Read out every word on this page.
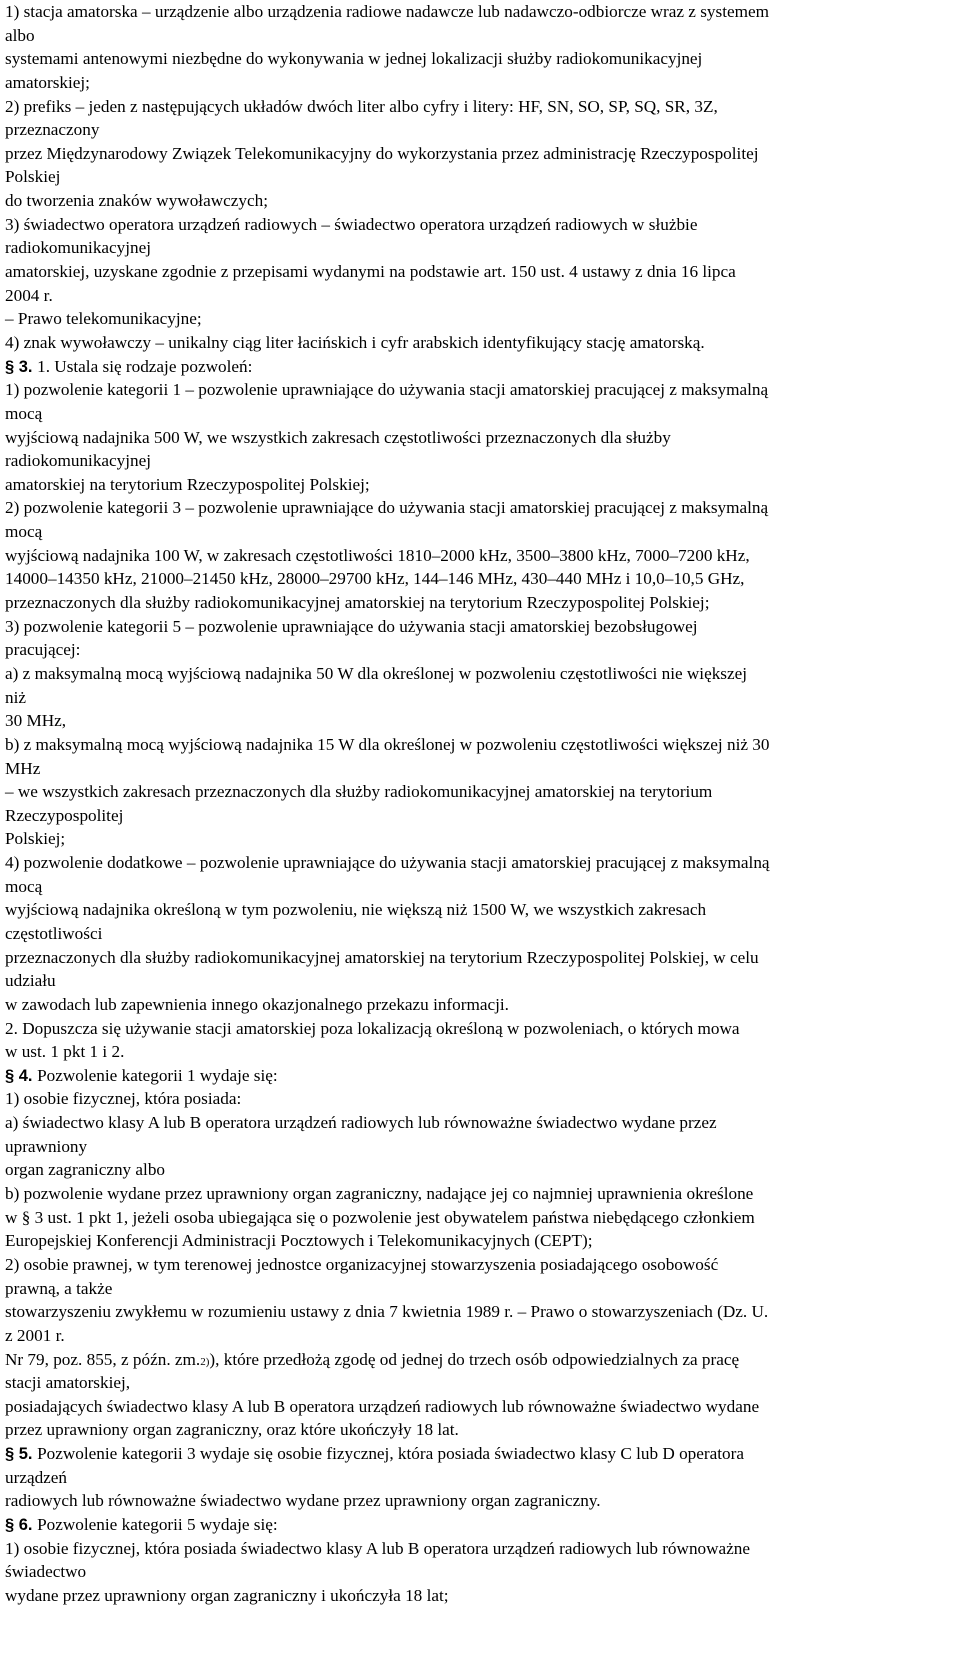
1) stacja amatorska – urządzenie albo urządzenia radiowe nadawcze lub nadawczo-odbiorcze wraz z systemem
albo
systemami antenowymi niezbędne do wykonywania w jednej lokalizacji służby radiokomunikacyjnej
amatorskiej;
2) prefiks – jeden z następujących układów dwóch liter albo cyfry i litery: HF, SN, SO, SP, SQ, SR, 3Z,
przeznaczony
przez Międzynarodowy Związek Telekomunikacyjny do wykorzystania przez administrację Rzeczypospolitej
Polskiej
do tworzenia znaków wywoławczych;
3) świadectwo operatora urządzeń radiowych – świadectwo operatora urządzeń radiowych w służbie
radiokomunikacyjnej
amatorskiej, uzyskane zgodnie z przepisami wydanymi na podstawie art. 150 ust. 4 ustawy z dnia 16 lipca
2004 r.
– Prawo telekomunikacyjne;
4) znak wywoławczy – unikalny ciąg liter łacińskich i cyfr arabskich identyfikujący stację amatorską.
§ 3. 1. Ustala się rodzaje pozwoleń:
1) pozwolenie kategorii 1 – pozwolenie uprawniające do używania stacji amatorskiej pracującej z maksymalną
mocą
wyjściową nadajnika 500 W, we wszystkich zakresach częstotliwości przeznaczonych dla służby
radiokomunikacyjnej
amatorskiej na terytorium Rzeczypospolitej Polskiej;
2) pozwolenie kategorii 3 – pozwolenie uprawniające do używania stacji amatorskiej pracującej z maksymalną
mocą
wyjściową nadajnika 100 W, w zakresach częstotliwości 1810–2000 kHz, 3500–3800 kHz, 7000–7200 kHz,
14000–14350 kHz, 21000–21450 kHz, 28000–29700 kHz, 144–146 MHz, 430–440 MHz i 10,0–10,5 GHz,
przeznaczonych dla służby radiokomunikacyjnej amatorskiej na terytorium Rzeczypospolitej Polskiej;
3) pozwolenie kategorii 5 – pozwolenie uprawniające do używania stacji amatorskiej bezobsługowej
pracującej:
a) z maksymalną mocą wyjściową nadajnika 50 W dla określonej w pozwoleniu częstotliwości nie większej
niż
30 MHz,
b) z maksymalną mocą wyjściową nadajnika 15 W dla określonej w pozwoleniu częstotliwości większej niż 30
MHz
– we wszystkich zakresach przeznaczonych dla służby radiokomunikacyjnej amatorskiej na terytorium
Rzeczypospolitej
Polskiej;
4) pozwolenie dodatkowe – pozwolenie uprawniające do używania stacji amatorskiej pracującej z maksymalną
mocą
wyjściową nadajnika określoną w tym pozwoleniu, nie większą niż 1500 W, we wszystkich zakresach
częstotliwości
przeznaczonych dla służby radiokomunikacyjnej amatorskiej na terytorium Rzeczypospolitej Polskiej, w celu
udziału
w zawodach lub zapewnienia innego okazjonalnego przekazu informacji.
2. Dopuszcza się używanie stacji amatorskiej poza lokalizacją określoną w pozwoleniach, o których mowa
w ust. 1 pkt 1 i 2.
§ 4. Pozwolenie kategorii 1 wydaje się:
1) osobie fizycznej, która posiada:
a) świadectwo klasy A lub B operatora urządzeń radiowych lub równoważne świadectwo wydane przez
uprawniony
organ zagraniczny albo
b) pozwolenie wydane przez uprawniony organ zagraniczny, nadające jej co najmniej uprawnienia określone
w § 3 ust. 1 pkt 1, jeżeli osoba ubiegająca się o pozwolenie jest obywatelem państwa niebędącego członkiem
Europejskiej Konferencji Administracji Pocztowych i Telekomunikacyjnych (CEPT);
2) osobie prawnej, w tym terenowej jednostce organizacyjnej stowarzyszenia posiadającego osobowość
prawną, a także
stowarzyszeniu zwykłemu w rozumieniu ustawy z dnia 7 kwietnia 1989 r. – Prawo o stowarzyszeniach (Dz. U.
z 2001 r.
Nr 79, poz. 855, z późn. zm.2)), które przedłożą zgodę od jednej do trzech osób odpowiedzialnych za pracę
stacji amatorskiej,
posiadających świadectwo klasy A lub B operatora urządzeń radiowych lub równoważne świadectwo wydane
przez uprawniony organ zagraniczny, oraz które ukończyły 18 lat.
§ 5. Pozwolenie kategorii 3 wydaje się osobie fizycznej, która posiada świadectwo klasy C lub D operatora
urządzeń
radiowych lub równoważne świadectwo wydane przez uprawniony organ zagraniczny.
§ 6. Pozwolenie kategorii 5 wydaje się:
1) osobie fizycznej, która posiada świadectwo klasy A lub B operatora urządzeń radiowych lub równoważne
świadectwo
wydane przez uprawniony organ zagraniczny i ukończyła 18 lat;
